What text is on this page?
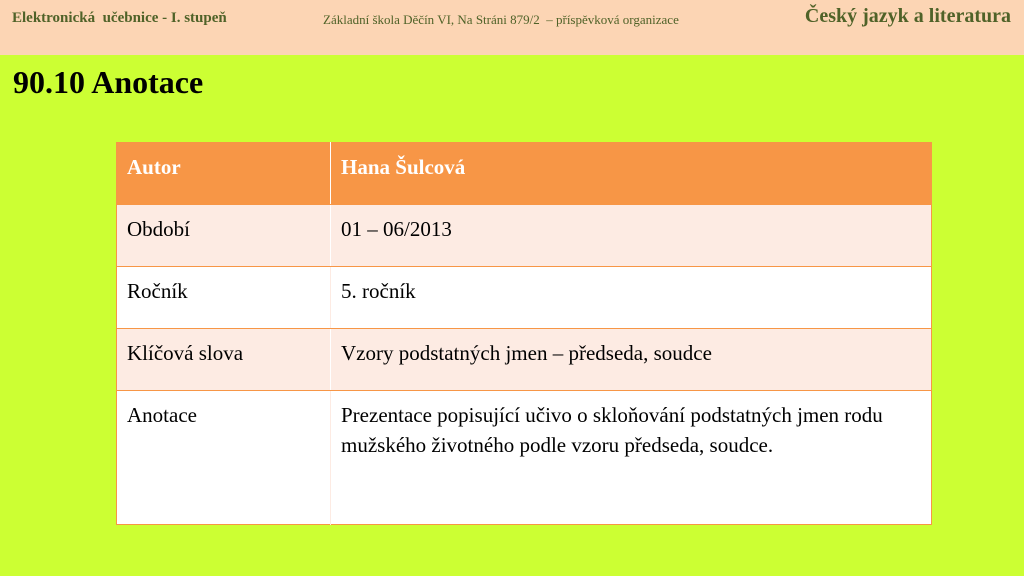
Elektronická  učebnice - I. stupeň	Základní škola Děčín VI, Na Stráni 879/2  – příspěvková organizace	Český jazyk a literatura
90.10 Anotace
Autor	Hana Šulcová
Období	01 – 06/2013
Ročník	5. ročník
Klíčová slova	Vzory podstatných jmen – předseda, soudce
Anotace	Prezentace popisující učivo o skloňování podstatných jmen rodu mužského životného podle vzoru předseda, soudce.
